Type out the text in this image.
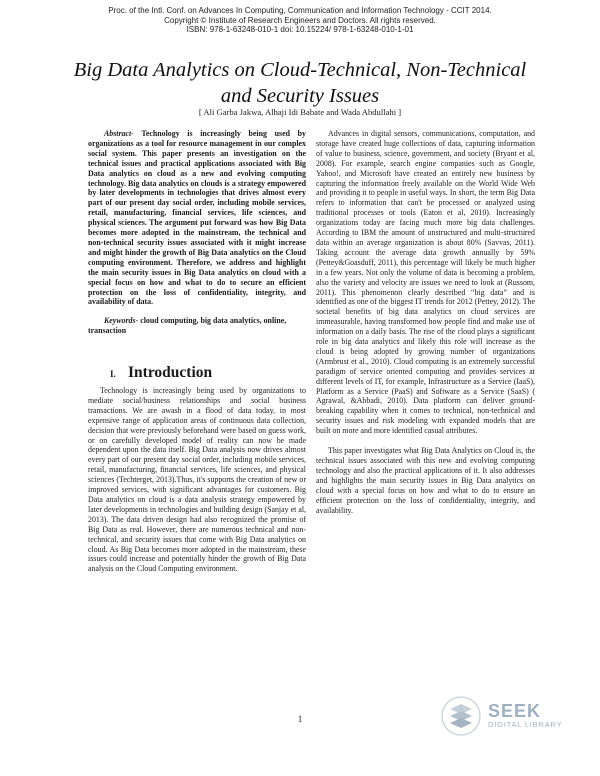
Proc. of the Intl. Conf. on Advances In Computing, Communication and Information Technology - CCIT 2014.
Copyright © Institute of Research Engineers and Doctors. All rights reserved.
ISBN: 978-1-63248-010-1 doi: 10.15224/ 978-1-63248-010-1-01
Big Data Analytics on Cloud-Technical, Non-Technical and Security Issues
[ Ali Garba Jakwa, Alhaji Idi Babate and Wada Abdullahi ]

Abstract- Technology is increasingly being used by organizations as a tool for resource management in our complex social system. This paper presents an investigation on the technical issues and practical applications associated with Big Data analytics on cloud as a new and evolving computing technology. Big data analytics on clouds is a strategy empowered by later developments in technologies that drives almost every part of our present day social order, including mobile services, retail, manufacturing, financial services, life sciences, and physical sciences. The argument put forward was how Big Data becomes more adopted in the mainstream, the technical and non-technical security issues associated with it might increase and might hinder the growth of Big Data analytics on the Cloud computing environment. Therefore, we address and highlight the main security issues in Big Data analytics on cloud with a special focus on how and what to do to secure an efficient protection on the loss of confidentiality, integrity, and availability of data.

Keywords- cloud computing, big data analytics, online, transaction

I. Introduction

Technology is increasingly being used by organizations to mediate social/business relationships and social business transactions. We are awash in a flood of data today, in most expensive range of application areas of continuous data collection, decision that were previously beforehand were based on guess work, or on carefully developed model of reality can now be made dependent upon the data itself. Big Data analysis now drives almost every part of our present day social order, including mobile services, retail, manufacturing, financial services, life sciences, and physical sciences (Techterget, 2013).Thus, it's supports the creation of new or improved services, with significant advantages for customers. Big Data analytics on cloud is a data analysis strategy empowered by later developments in technologies and building design (Sanjay et al, 2013). The data driven design had also recognized the promise of Big Data as real. However, there are numerous technical and non-technical, and security issues that come with Big Data analytics on cloud. As Big Data becomes more adopted in the mainstream, these issues could increase and potentially hinder the growth of Big Data analysis on the Cloud Computing environment.

Advances in digital sensors, communications, computation, and storage have created huge collections of data, capturing information of value to business, science, government, and society (Bryant et al, 2008). For example, search engine companies such as Google, Yahoo!, and Microsoft have created an entirely new business by capturing the information freely available on the World Wide Web and providing it to people in useful ways. In short, the term Big Data refers to information that can't be processed or analyzed using traditional processes or tools (Eaton et al, 2010). Increasingly organizations today are facing much more big data challenges. According to IBM the amount of unstructured and multi-structured data within an average organization is about 80% (Savvas, 2011). Taking account the average data growth annually by 59% (Pettey&Goasduff, 2011), this percentage will likely be much higher in a few years. Not only the volume of data is becoming a problem, also the variety and velocity are issues we need to look at (Russom, 2011). This phenomenon clearly described “big data” and is identified as one of the biggest IT trends for 2012 (Pettey, 2012). The societal benefits of big data analytics on cloud services are immeasurable, having transformed how people find and make use of information on a daily basis. The rise of the cloud plays a significant role in big data analytics and likely this role will increase as the cloud is being adopted by growing number of organizations (Armbrust et al., 2010). Cloud computing is an extremely successful paradigm of service oriented computing and provides services at different levels of IT, for example, Infrastructure as a Service (IaaS), Platform as a Service (PaaS) and Software as a Service (SaaS) ( Agrawal, &Abbadi, 2010). Data platform can deliver ground-breaking capability when it comes to technical, non-technical and security issues and risk modeling with expanded models that are built on more and more identified casual attributes.

This paper investigates what Big Data Analytics on Cloud is, the technical issues associated with this new and evolving computing technology and also the practical applications of it. It also addresses and highlights the main security issues in Big Data analytics on cloud with a special focus on how and what to do to ensure an efficient protection on the loss of confidentiality, integrity, and availability.

1	SEEK
DIGITAL LIBRARY
